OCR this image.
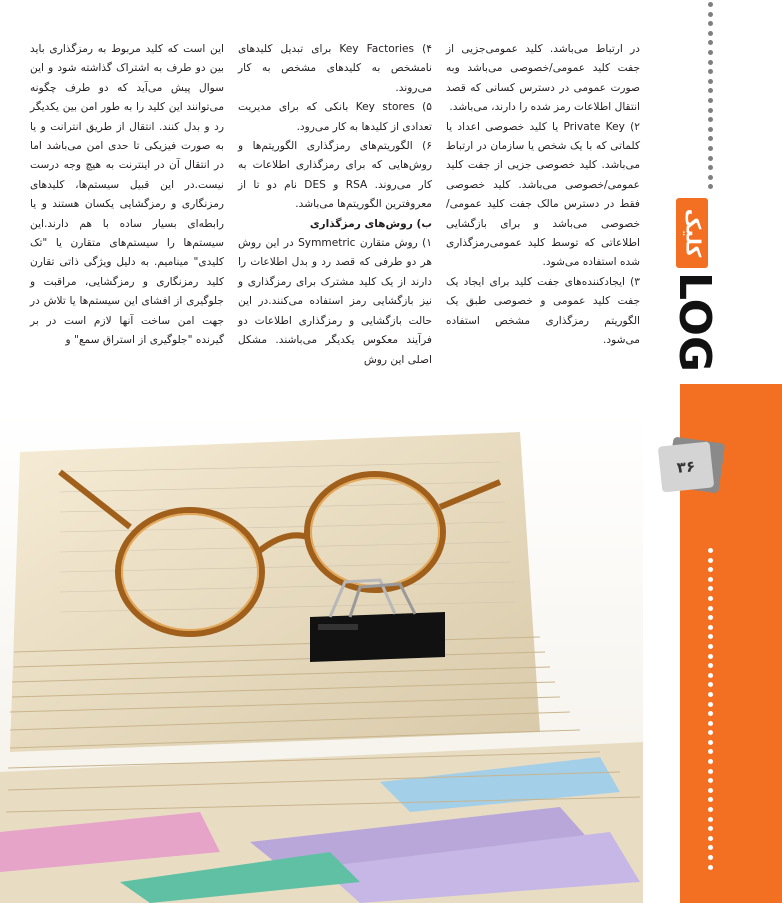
در ارتباط می‌باشد. کلید عمومی‌جزیی از جفت کلید عمومی/خصوصی می‌باشد وبه صورت عمومی در دسترس کسانی که قصد انتقال اطلاعات رمز شده را دارند، می‌باشد.

۲) Private Key یا کلید خصوصی اعداد یا کلماتی که با یک شخص یا سازمان در ارتباط می‌باشد. کلید خصوصی جزیی از جفت کلید عمومی/خصوصی می‌باشد. کلید خصوصی فقط در دسترس مالک جفت کلید عمومی/خصوصی می‌باشد و برای بازگشایی اطلاعاتی که توسط کلید عمومی‌رمزگذاری شده استفاده می‌شود.

۳) ایجادکننده‌های جفت کلید برای ایجاد یک جفت کلید عمومی و خصوصی طبق یک الگوریتم رمزگذاری مشخص استفاده می‌شود.

۴) Key Factories برای تبدیل کلیدهای نامشخص به کلیدهای مشخص به کار می‌روند.

۵) Key stores بانکی که برای مدیریت تعدادی از کلیدها به کار می‌رود.

۶) الگوریتم‌های رمزگذاری الگوریتم‌ها و روش‌هایی که برای رمزگذاری اطلاعات به کار می‌روند. RSA و DES نام دو تا از معروفترین الگوریتم‌ها می‌باشد.

ب) روش‌های رمزگذاری

۱) روش متقارن Symmetric در این روش هر دو طرفی که قصد رد و بدل اطلاعات را دارند از یک کلید مشترک برای رمزگذاری و نیز بازگشایی رمز استفاده می‌کنند.در این حالت بازگشایی و رمزگذاری اطلاعات دو فرآیند معکوس یکدیگر می‌باشند. مشکل اصلی این روش

این است که کلید مربوط به رمزگذاری باید بین دو طرف به اشتراک گذاشته شود و این سوال پیش می‌آید که دو طرف چگونه می‌توانند این کلید را به طور امن بین یکدیگر رد و بدل کنند. انتقال از طریق انترانت و یا به صورت فیزیکی تا حدی امن می‌باشد اما در انتقال آن در اینترنت به هیچ وجه درست نیست.در این قبیل سیستم‌ها، کلیدهای رمزنگاری و رمزگشایی یکسان هستند و یا رابطه‌ای بسیار ساده با هم دارند.این سیستم‌ها را سیستم‌های متقارن یا "تک کلیدی" مینامیم. به دلیل ویژگی ذاتی تقارن کلید رمزنگاری و رمزگشایی، مراقبت و جلوگیری از افشای این سیستم‌ها یا تلاش در جهت امن ساخت آنها لازم است در بر گیرنده "جلوگیری از استراق سمع" و

کلیک
LOG
۳۶
